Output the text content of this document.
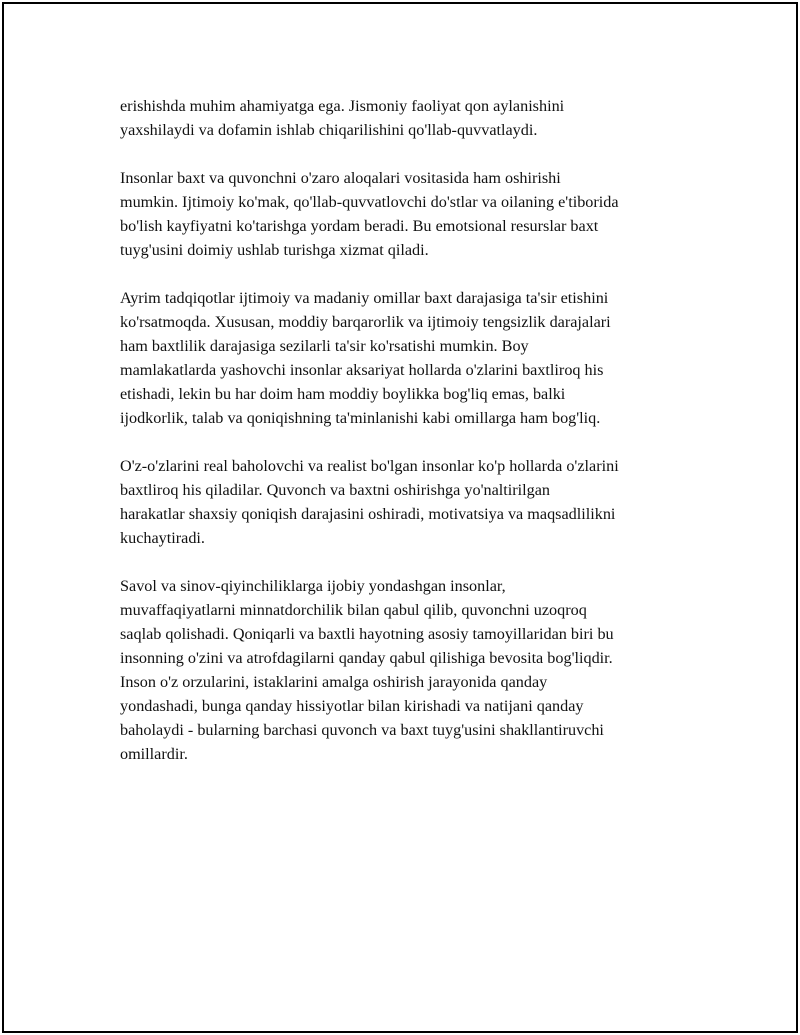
erishishda muhim ahamiyatga ega. Jismoniy faoliyat qon aylanishini
yaxshilaydi va dofamin ishlab chiqarilishini qo'llab-quvvatlaydi.

Insonlar baxt va quvonchni o'zaro aloqalari vositasida ham oshirishi
mumkin. Ijtimoiy ko'mak, qo'llab-quvvatlovchi do'stlar va oilaning e'tiborida
bo'lish kayfiyatni ko'tarishga yordam beradi. Bu emotsional resurslar baxt
tuyg'usini doimiy ushlab turishga xizmat qiladi.

Ayrim tadqiqotlar ijtimoiy va madaniy omillar baxt darajasiga ta'sir etishini
ko'rsatmoqda. Xususan, moddiy barqarorlik va ijtimoiy tengsizlik darajalari
ham baxtlilik darajasiga sezilarli ta'sir ko'rsatishi mumkin. Boy
mamlakatlarda yashovchi insonlar aksariyat hollarda o'zlarini baxtliroq his
etishadi, lekin bu har doim ham moddiy boylikka bog'liq emas, balki
ijodkorlik, talab va qoniqishning ta'minlanishi kabi omillarga ham bog'liq.

O'z-o'zlarini real baholovchi va realist bo'lgan insonlar ko'p hollarda o'zlarini
baxtliroq his qiladilar. Quvonch va baxtni oshirishga yo'naltirilgan
harakatlar shaxsiy qoniqish darajasini oshiradi, motivatsiya va maqsadlilikni
kuchaytiradi.

Savol va sinov-qiyinchiliklarga ijobiy yondashgan insonlar,
muvaffaqiyatlarni minnatdorchilik bilan qabul qilib, quvonchni uzoqroq
saqlab qolishadi. Qoniqarli va baxtli hayotning asosiy tamoyillaridan biri bu
insonning o'zini va atrofdagilarni qanday qabul qilishiga bevosita bog'liqdir.
Inson o'z orzularini, istaklarini amalga oshirish jarayonida qanday
yondashadi, bunga qanday hissiyotlar bilan kirishadi va natijani qanday
baholaydi - bularning barchasi quvonch va baxt tuyg'usini shakllantiruvchi
omillardir.
